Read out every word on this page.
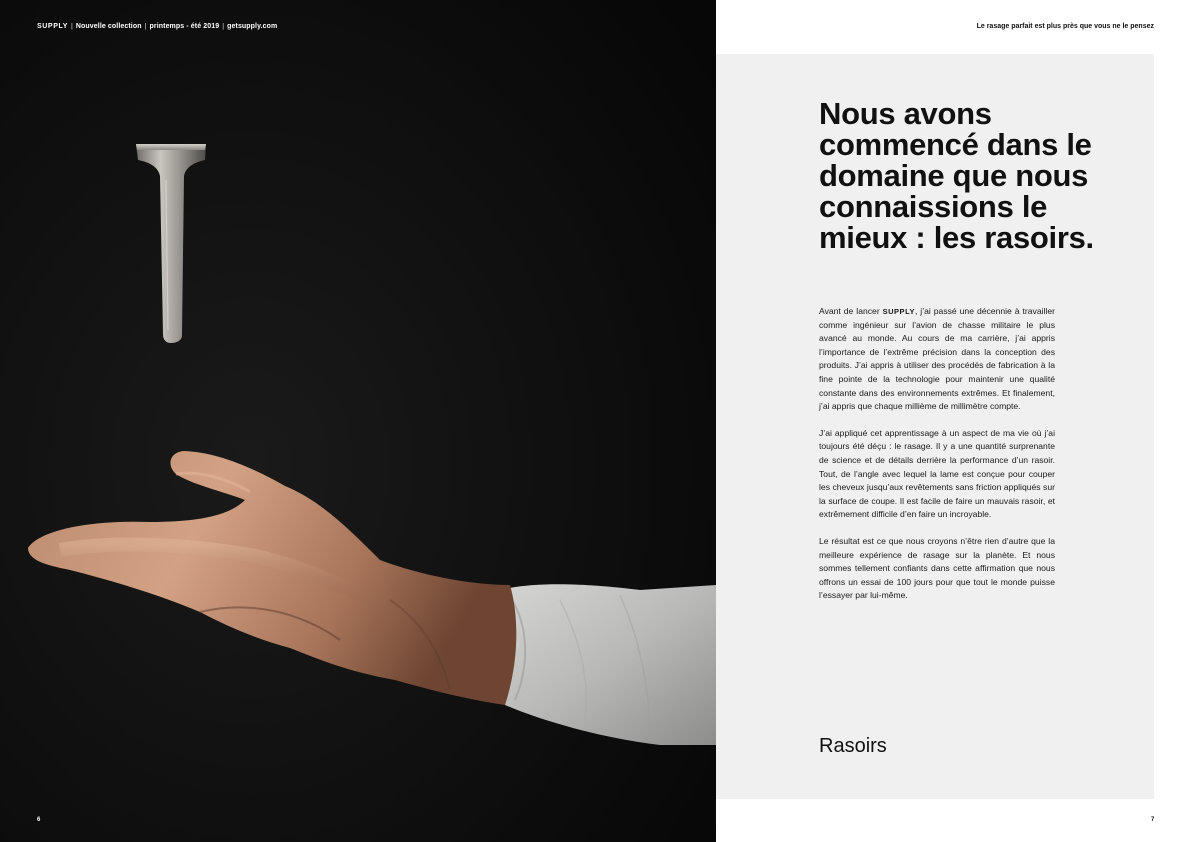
SUPPLY | Nouvelle collection | printemps - été 2019 | getsupply.com
6
Le rasage parfait est plus près que vous ne le pensez
Nous avons
commencé dans le
domaine que nous
connaissions le
mieux : les rasoirs.

Avant de lancer SUPPLY, j’ai passé une décennie à travailler comme ingénieur sur l’avion de chasse militaire le plus avancé au monde. Au cours de ma carrière, j’ai appris l’importance de l’extrême précision dans la conception des produits. J’ai appris à utiliser des procédés de fabrication à la fine pointe de la technologie pour maintenir une qualité constante dans des environnements extrêmes. Et finalement, j’ai appris que chaque millième de millimètre compte.

J’ai appliqué cet apprentissage à un aspect de ma vie où j’ai toujours été déçu : le rasage. Il y a une quantité surprenante de science et de détails derrière la performance d’un rasoir. Tout, de l’angle avec lequel la lame est conçue pour couper les cheveux jusqu’aux revêtements sans friction appliqués sur la surface de coupe. Il est facile de faire un mauvais rasoir, et extrêmement difficile d’en faire un incroyable.

Le résultat est ce que nous croyons n’être rien d’autre que la meilleure expérience de rasage sur la planète. Et nous sommes tellement confiants dans cette affirmation que nous offrons un essai de 100 jours pour que tout le monde puisse l’essayer par lui-même.

Rasoirs
7
